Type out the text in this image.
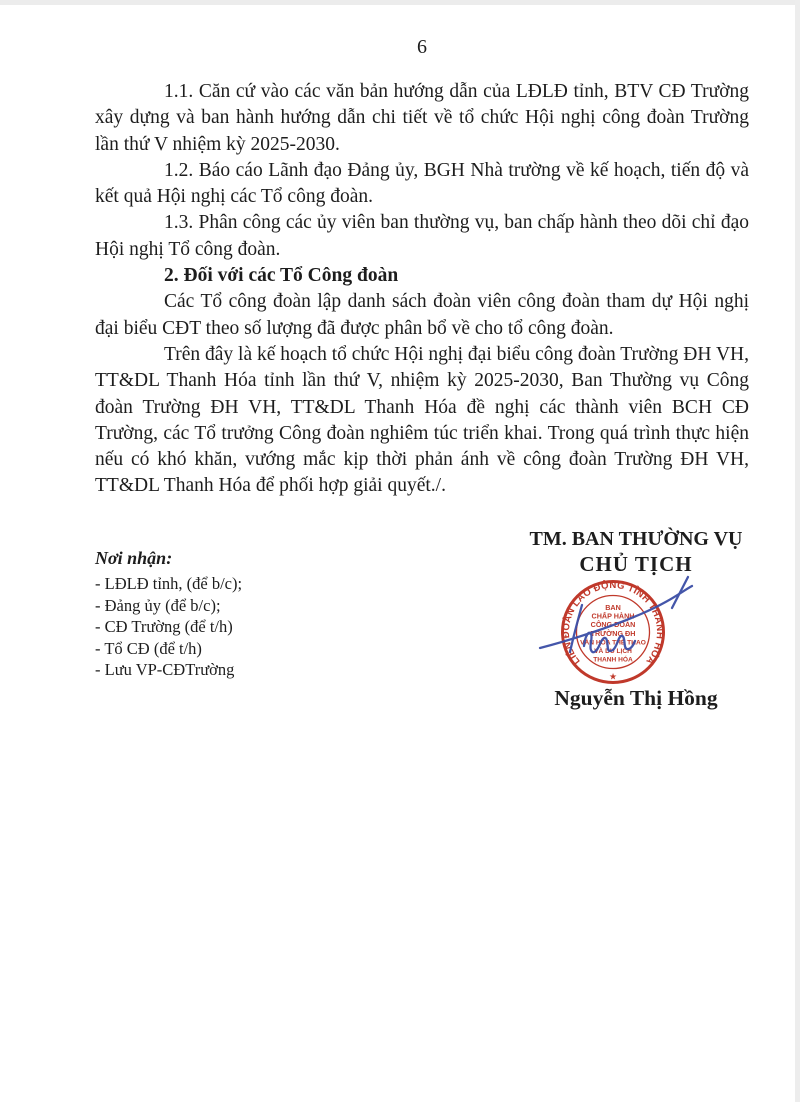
6

1.1. Căn cứ vào các văn bản hướng dẫn của LĐLĐ tỉnh, BTV CĐ Trường xây dựng và ban hành hướng dẫn chi tiết về tổ chức Hội nghị công đoàn Trường lần thứ V nhiệm kỳ 2025-2030.

1.2. Báo cáo Lãnh đạo Đảng ủy, BGH Nhà trường về kế hoạch, tiến độ và kết quả Hội nghị các Tổ công đoàn.

1.3. Phân công các ủy viên ban thường vụ, ban chấp hành theo dõi chỉ đạo Hội nghị Tổ công đoàn.

2. Đối với các Tổ Công đoàn

Các Tổ công đoàn lập danh sách đoàn viên công đoàn tham dự Hội nghị đại biểu CĐT theo số lượng đã được phân bổ về cho tổ công đoàn.

Trên đây là kế hoạch tổ chức Hội nghị đại biểu công đoàn Trường ĐH VH, TT&DL Thanh Hóa tỉnh lần thứ V, nhiệm kỳ 2025-2030, Ban Thường vụ Công đoàn Trường ĐH VH, TT&DL Thanh Hóa đề nghị các thành viên BCH CĐ Trường, các Tổ trưởng Công đoàn nghiêm túc triển khai. Trong quá trình thực hiện nếu có khó khăn, vướng mắc kịp thời phản ánh về công đoàn Trường ĐH VH, TT&DL Thanh Hóa để phối hợp giải quyết./.

Nơi nhận:
- LĐLĐ tỉnh, (để b/c);
- Đảng ủy (để b/c);
- CĐ Trường (để t/h)
- Tổ CĐ (để t/h)
- Lưu VP-CĐTrường
TM. BAN THƯỜNG VỤ
CHỦ TỊCH
LIÊN ĐOÀN LAO ĐỘNG TỈNH THANH HÓA
★
BAN
CHẤP HÀNH
CÔNG ĐOÀN
TRƯỜNG ĐH
VĂN HÓA THỂ THAO
VÀ DU LỊCH
THANH HÓA
Nguyễn Thị Hồng
